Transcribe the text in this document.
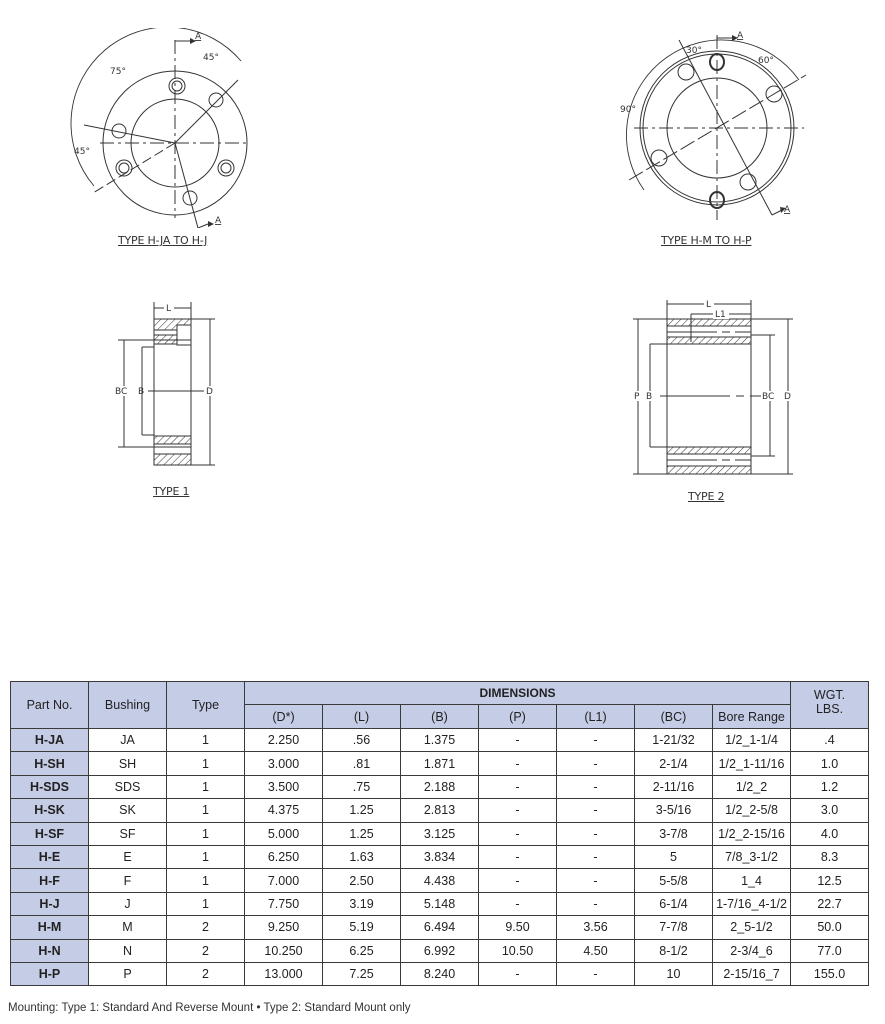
A
A
75°
45°
45°
TYPE H-JA TO H-J
A
A
30°
60°
90°
TYPE H-M TO H-P
L
BC B	D
TYPE 1
L
L1
P B	BC D
TYPE 2
Part No.	Bushing	Type	DIMENSIONS							WGT.
LBS.
			(D*)	(L)	(B)	(P)	(L1)	(BC)	Bore Range	
H-JA	JA	1	2.250	.56	1.375	-	-	1-21/32	1/2_1-1/4	.4
H-SH	SH	1	3.000	.81	1.871	-	-	2-1/4	1/2_1-11/16	1.0
H-SDS	SDS	1	3.500	.75	2.188	-	-	2-11/16	1/2_2	1.2
H-SK	SK	1	4.375	1.25	2.813	-	-	3-5/16	1/2_2-5/8	3.0
H-SF	SF	1	5.000	1.25	3.125	-	-	3-7/8	1/2_2-15/16	4.0
H-E	E	1	6.250	1.63	3.834	-	-	5	7/8_3-1/2	8.3
H-F	F	1	7.000	2.50	4.438	-	-	5-5/8	1_4	12.5
H-J	J	1	7.750	3.19	5.148	-	-	6-1/4	1-7/16_4-1/2	22.7
H-M	M	2	9.250	5.19	6.494	9.50	3.56	7-7/8	2_5-1/2	50.0
H-N	N	2	10.250	6.25	6.992	10.50	4.50	8-1/2	2-3/4_6	77.0
H-P	P	2	13.000	7.25	8.240	-	-	10	2-15/16_7	155.0
Mounting: Type 1: Standard And Reverse Mount • Type 2: Standard Mount only
